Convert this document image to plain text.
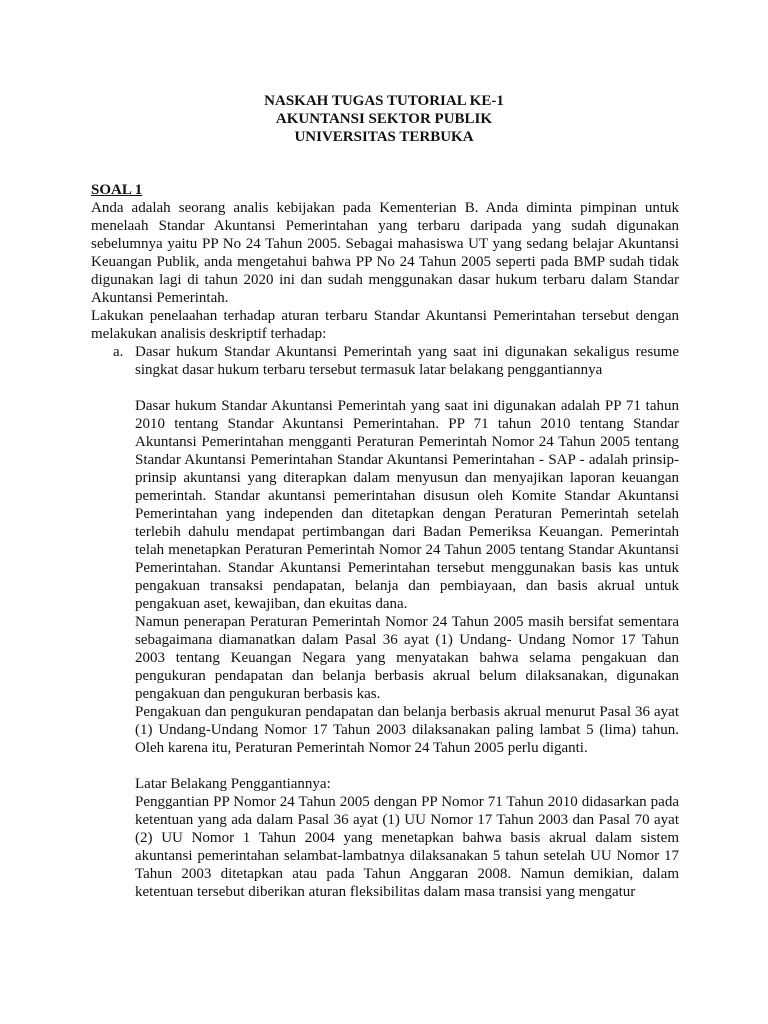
NASKAH TUGAS TUTORIAL KE-1
AKUNTANSI SEKTOR PUBLIK
UNIVERSITAS TERBUKA

SOAL 1

Anda adalah seorang analis kebijakan pada Kementerian B. Anda diminta pimpinan untuk menelaah Standar Akuntansi Pemerintahan yang terbaru daripada yang sudah digunakan sebelumnya yaitu PP No 24 Tahun 2005. Sebagai mahasiswa UT yang sedang belajar Akuntansi Keuangan Publik, anda mengetahui bahwa PP No 24 Tahun 2005 seperti pada BMP sudah tidak digunakan lagi di tahun 2020 ini dan sudah menggunakan dasar hukum terbaru dalam Standar Akuntansi Pemerintah.

Lakukan penelaahan terhadap aturan terbaru Standar Akuntansi Pemerintahan tersebut dengan melakukan analisis deskriptif terhadap:

a. Dasar hukum Standar Akuntansi Pemerintah yang saat ini digunakan sekaligus resume singkat dasar hukum terbaru tersebut termasuk latar belakang penggantiannya

Dasar hukum Standar Akuntansi Pemerintah yang saat ini digunakan adalah PP 71 tahun 2010 tentang Standar Akuntansi Pemerintahan. PP 71 tahun 2010 tentang Standar Akuntansi Pemerintahan mengganti Peraturan Pemerintah Nomor 24 Tahun 2005 tentang Standar Akuntansi Pemerintahan Standar Akuntansi Pemerintahan - SAP - adalah prinsip-prinsip akuntansi yang diterapkan dalam menyusun dan menyajikan laporan keuangan pemerintah. Standar akuntansi pemerintahan disusun oleh Komite Standar Akuntansi Pemerintahan yang independen dan ditetapkan dengan Peraturan Pemerintah setelah terlebih dahulu mendapat pertimbangan dari Badan Pemeriksa Keuangan. Pemerintah telah menetapkan Peraturan Pemerintah Nomor 24 Tahun 2005 tentang Standar Akuntansi Pemerintahan. Standar Akuntansi Pemerintahan tersebut menggunakan basis kas untuk pengakuan transaksi pendapatan, belanja dan pembiayaan, dan basis akrual untuk pengakuan aset, kewajiban, dan ekuitas dana.

Namun penerapan Peraturan Pemerintah Nomor 24 Tahun 2005 masih bersifat sementara sebagaimana diamanatkan dalam Pasal 36 ayat (1) Undang- Undang Nomor 17 Tahun 2003 tentang Keuangan Negara yang menyatakan bahwa selama pengakuan dan pengukuran pendapatan dan belanja berbasis akrual belum dilaksanakan, digunakan pengakuan dan pengukuran berbasis kas.

Pengakuan dan pengukuran pendapatan dan belanja berbasis akrual menurut Pasal 36 ayat (1) Undang-Undang Nomor 17 Tahun 2003 dilaksanakan paling lambat 5 (lima) tahun. Oleh karena itu, Peraturan Pemerintah Nomor 24 Tahun 2005 perlu diganti.

Latar Belakang Penggantiannya:

Penggantian PP Nomor 24 Tahun 2005 dengan PP Nomor 71 Tahun 2010 didasarkan pada ketentuan yang ada dalam Pasal 36 ayat (1) UU Nomor 17 Tahun 2003 dan Pasal 70 ayat (2) UU Nomor 1 Tahun 2004 yang menetapkan bahwa basis akrual dalam sistem akuntansi pemerintahan selambat-lambatnya dilaksanakan 5 tahun setelah UU Nomor 17 Tahun 2003 ditetapkan atau pada Tahun Anggaran 2008. Namun demikian, dalam ketentuan tersebut diberikan aturan fleksibilitas dalam masa transisi yang mengatur
